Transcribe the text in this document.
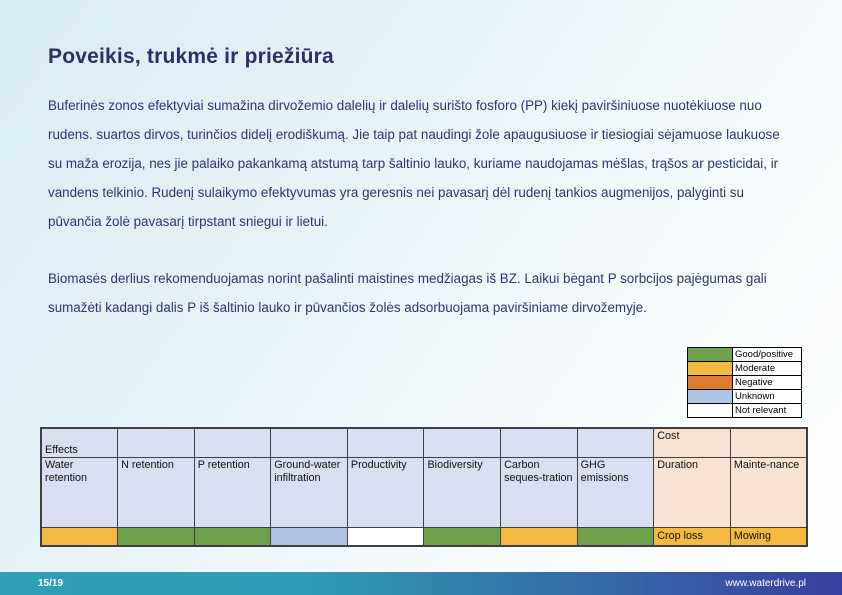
Poveikis, trukmė ir priežiūra

Buferinės zonos efektyviai sumažina dirvožemio dalelių ir dalelių surišto fosforo (PP) kiekį paviršiniuose nuotėkiuose nuo rudens. suartos dirvos, turinčios didelį erodiškumą. Jie taip pat naudingi žole apaugusiuose ir tiesiogiai sėjamuose laukuose su maža erozija, nes jie palaiko pakankamą atstumą tarp šaltinio lauko, kuriame naudojamas mėšlas, trąšos ar pesticidai, ir vandens telkinio. Rudenį sulaikymo efektyvumas yra geresnis nei pavasarį dėl rudenį tankios augmenijos, palyginti su pūvančia žolė pavasarį tirpstant sniegui ir lietui.

Biomasės derlius rekomenduojamas norint pašalinti maistines medžiagas iš BZ. Laikui bėgant P sorbcijos pajėgumas gali sumažėti kadangi dalis P iš šaltinio lauko ir pūvančios žolės adsorbuojama paviršiniame dirvožemyje.

	Good/positive
	Moderate
	Negative
	Unknown
	Not relevant
Effects								Cost	
Water retention	N retention	P retention	Ground-water infiltration	Productivity	Biodiversity	Carbon seques-tration	GHG emissions	Duration	Mainte-nance
								Crop loss	Mowing
15/19	www.waterdrive.pl
